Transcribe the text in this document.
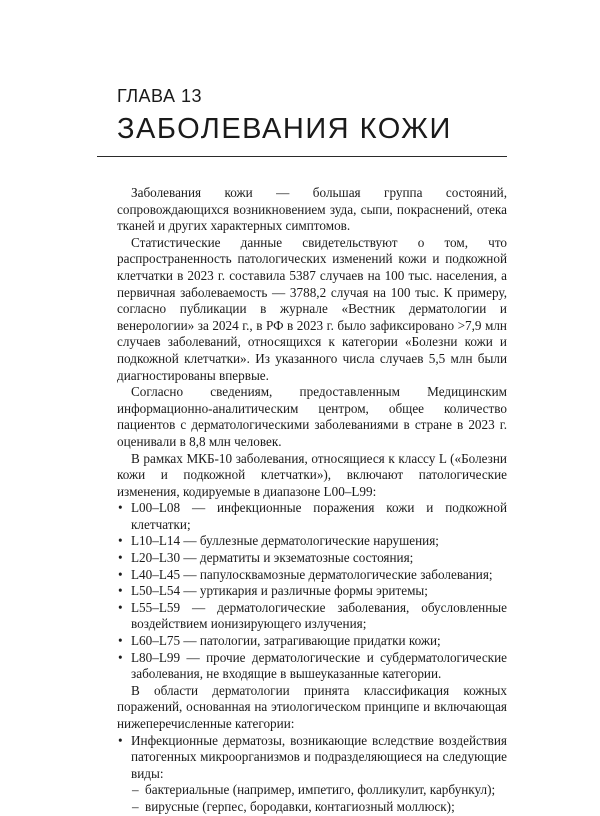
ГЛАВА 13
ЗАБОЛЕВАНИЯ КОЖИ

Заболевания кожи — большая группа состояний, сопровождающихся возникновением зуда, сыпи, покраснений, отека тканей и других характерных симптомов.

Статистические данные свидетельствуют о том, что распространенность патологических изменений кожи и подкожной клетчатки в 2023 г. составила 5387 случаев на 100 тыс. населения, а первичная заболеваемость — 3788,2 случая на 100 тыс. К примеру, согласно публикации в журнале «Вестник дерматологии и венерологии» за 2024 г., в РФ в 2023 г. было зафиксировано >7,9 млн случаев заболеваний, относящихся к категории «Болезни кожи и подкожной клетчатки». Из указанного числа случаев 5,5 млн были диагностированы впервые.

Согласно сведениям, предоставленным Медицинским информационно-аналитическим центром, общее количество пациентов с дерматологическими заболеваниями в стране в 2023 г. оценивали в 8,8 млн человек.

В рамках МКБ-10 заболевания, относящиеся к классу L («Болезни кожи и подкожной клетчатки»), включают патологические изменения, кодируемые в диапазоне L00–L99:

• L00–L08 — инфекционные поражения кожи и подкожной клетчатки;
• L10–L14 — буллезные дерматологические нарушения;
• L20–L30 — дерматиты и экзематозные состояния;
• L40–L45 — папулосквамозные дерматологические заболевания;
• L50–L54 — уртикария и различные формы эритемы;
• L55–L59 — дерматологические заболевания, обусловленные воздействием ионизирующего излучения;
• L60–L75 — патологии, затрагивающие придатки кожи;
• L80–L99 — прочие дерматологические и субдерматологические заболевания, не входящие в вышеуказанные категории.

В области дерматологии принята классификация кожных поражений, основанная на этиологическом принципе и включающая нижеперечисленные категории:

• Инфекционные дерматозы, возникающие вследствие воздействия патогенных микроорганизмов и подразделяющиеся на следующие виды:
– бактериальные (например, импетиго, фолликулит, карбункул);
– вирусные (герпес, бородавки, контагиозный моллюск);
